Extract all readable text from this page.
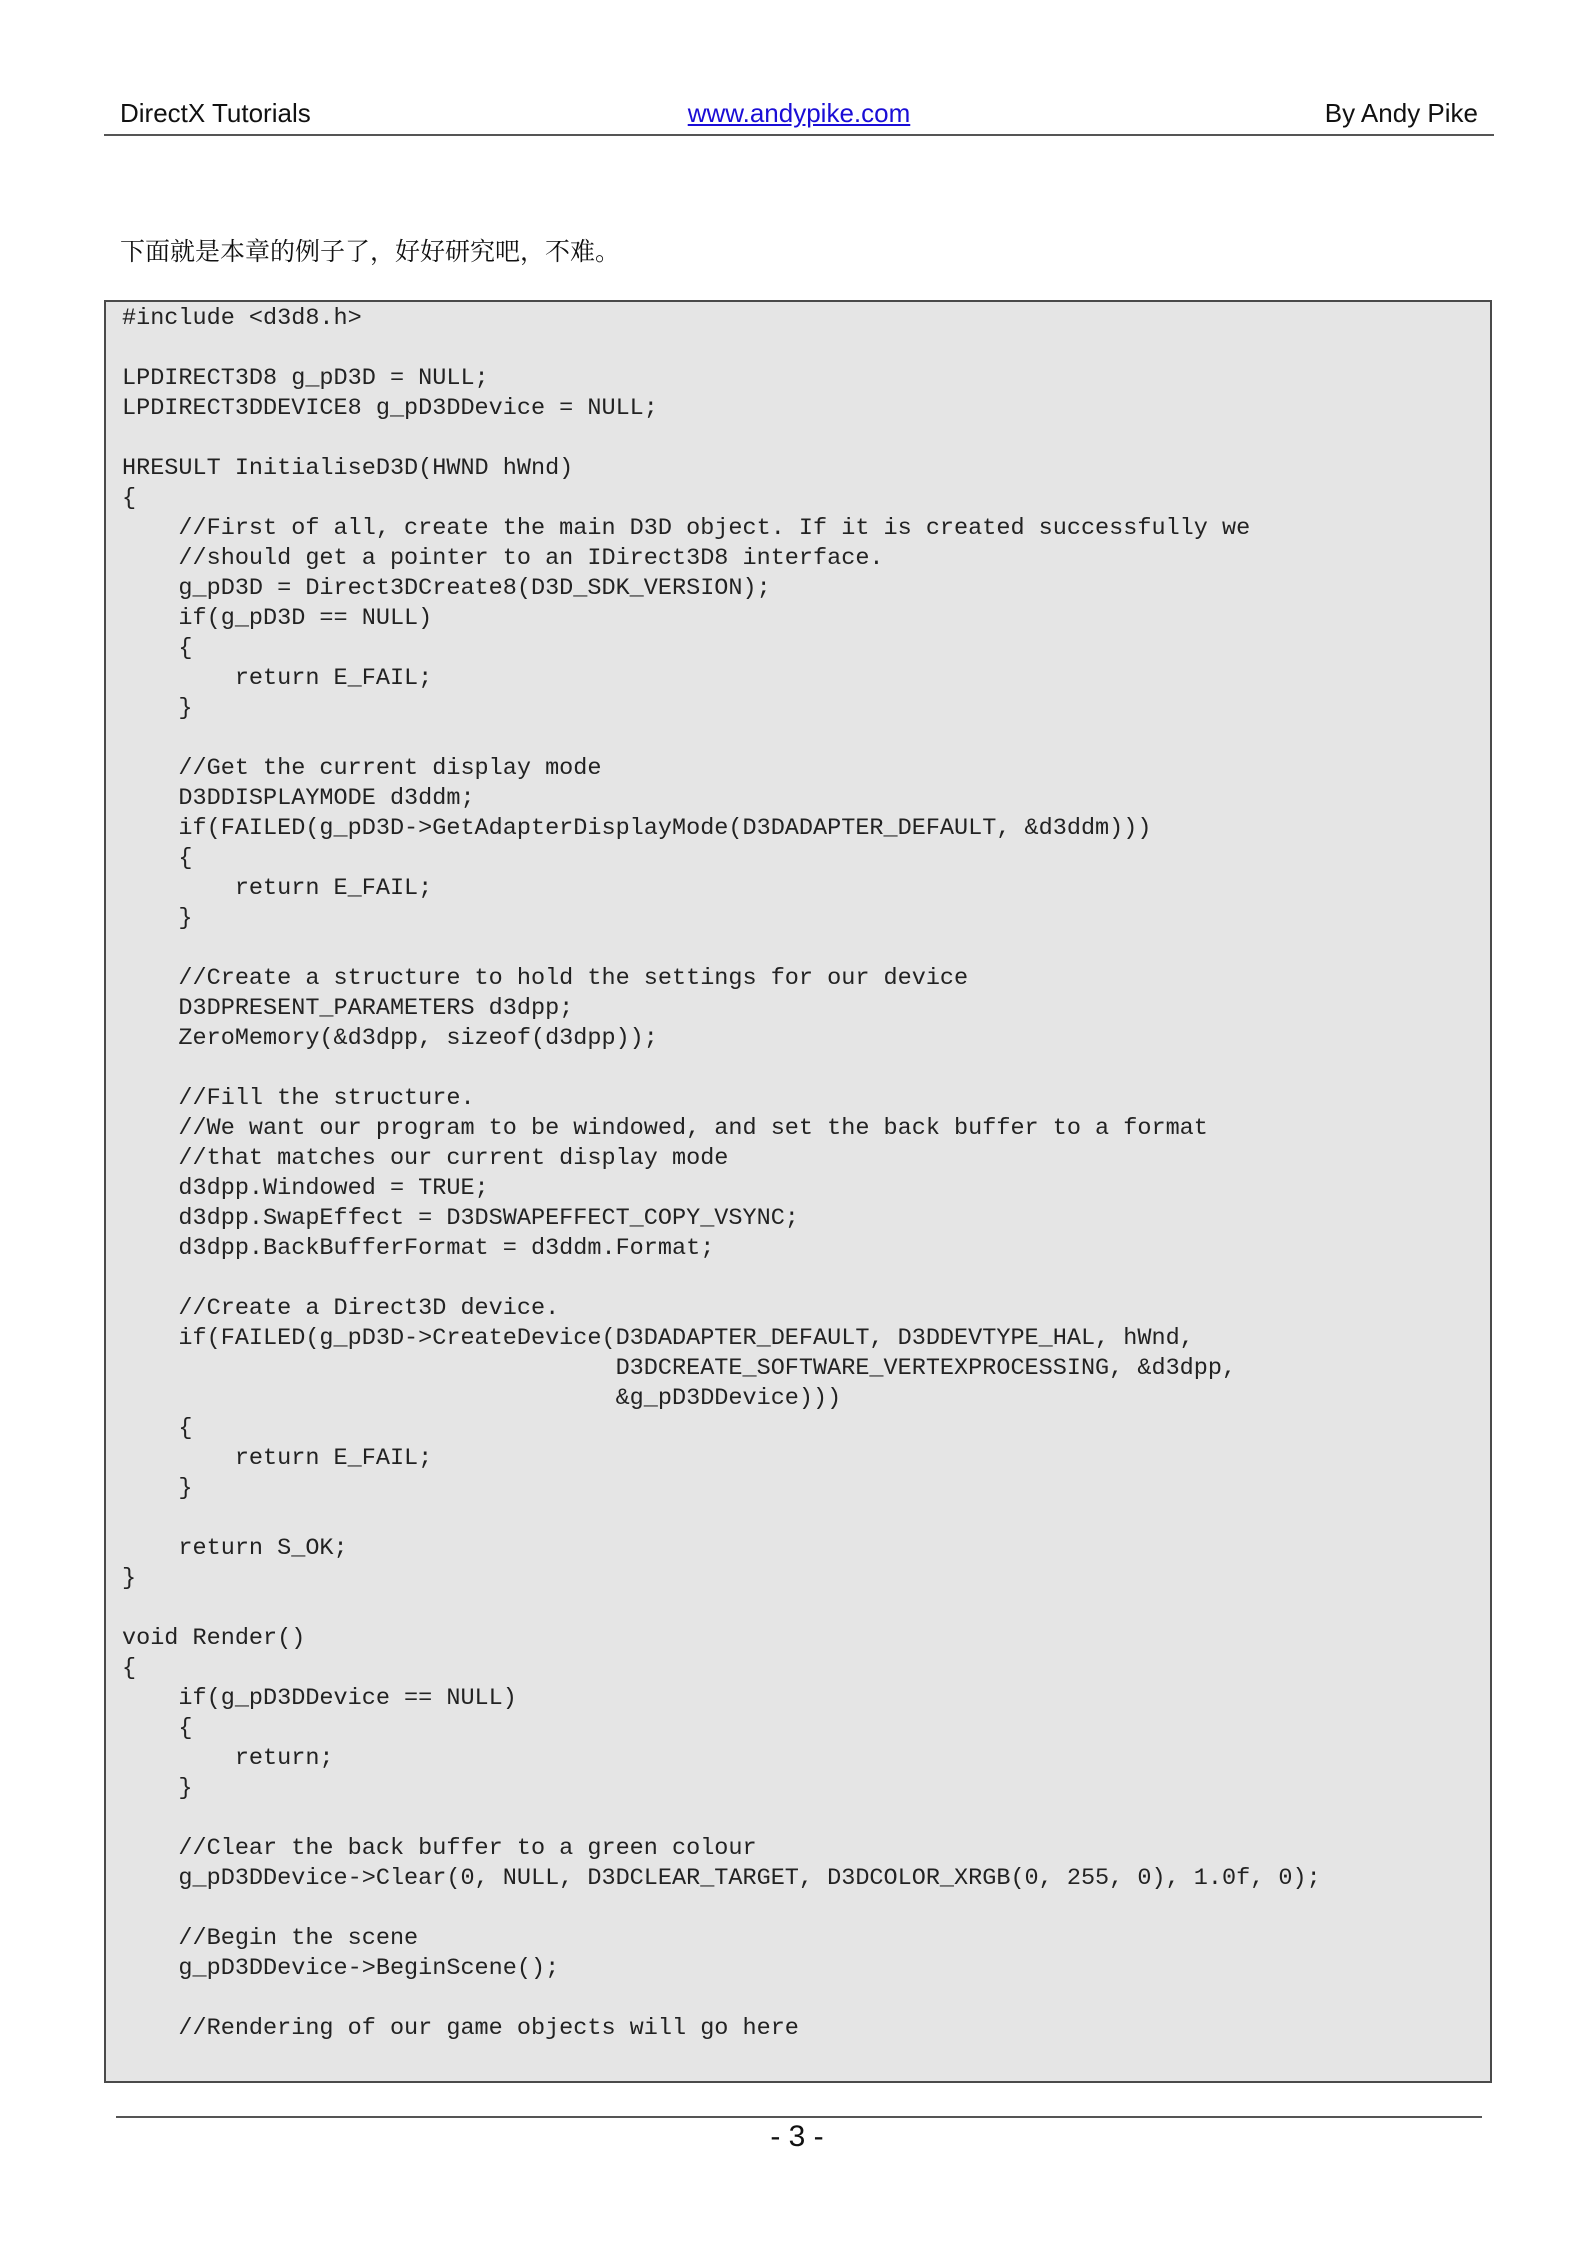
DirectX Tutorials	www.andypike.com	By Andy Pike
下面就是本章的例子了，好好研究吧，不难。
#include <d3d8.h>
LPDIRECT3D8 g_pD3D = NULL;
LPDIRECT3DDEVICE8 g_pD3DDevice = NULL;
HRESULT InitialiseD3D(HWND hWnd)
{
//First of all, create the main D3D object. If it is created successfully we
//should get a pointer to an IDirect3D8 interface.
g_pD3D = Direct3DCreate8(D3D_SDK_VERSION);
if(g_pD3D == NULL)
{
return E_FAIL;
}
//Get the current display mode
D3DDISPLAYMODE d3ddm;
if(FAILED(g_pD3D->GetAdapterDisplayMode(D3DADAPTER_DEFAULT, &d3ddm)))
{
return E_FAIL;
}
//Create a structure to hold the settings for our device
D3DPRESENT_PARAMETERS d3dpp;
ZeroMemory(&d3dpp, sizeof(d3dpp));
//Fill the structure.
//We want our program to be windowed, and set the back buffer to a format
//that matches our current display mode
d3dpp.Windowed = TRUE;
d3dpp.SwapEffect = D3DSWAPEFFECT_COPY_VSYNC;
d3dpp.BackBufferFormat = d3ddm.Format;
//Create a Direct3D device.
if(FAILED(g_pD3D->CreateDevice(D3DADAPTER_DEFAULT, D3DDEVTYPE_HAL, hWnd,
D3DCREATE_SOFTWARE_VERTEXPROCESSING, &d3dpp,
&g_pD3DDevice)))
{
return E_FAIL;
}
return S_OK;
}
void Render()
{
if(g_pD3DDevice == NULL)
{
return;
}
//Clear the back buffer to a green colour
g_pD3DDevice->Clear(0, NULL, D3DCLEAR_TARGET, D3DCOLOR_XRGB(0, 255, 0), 1.0f, 0);
//Begin the scene
g_pD3DDevice->BeginScene();
//Rendering of our game objects will go here
- 3 -
